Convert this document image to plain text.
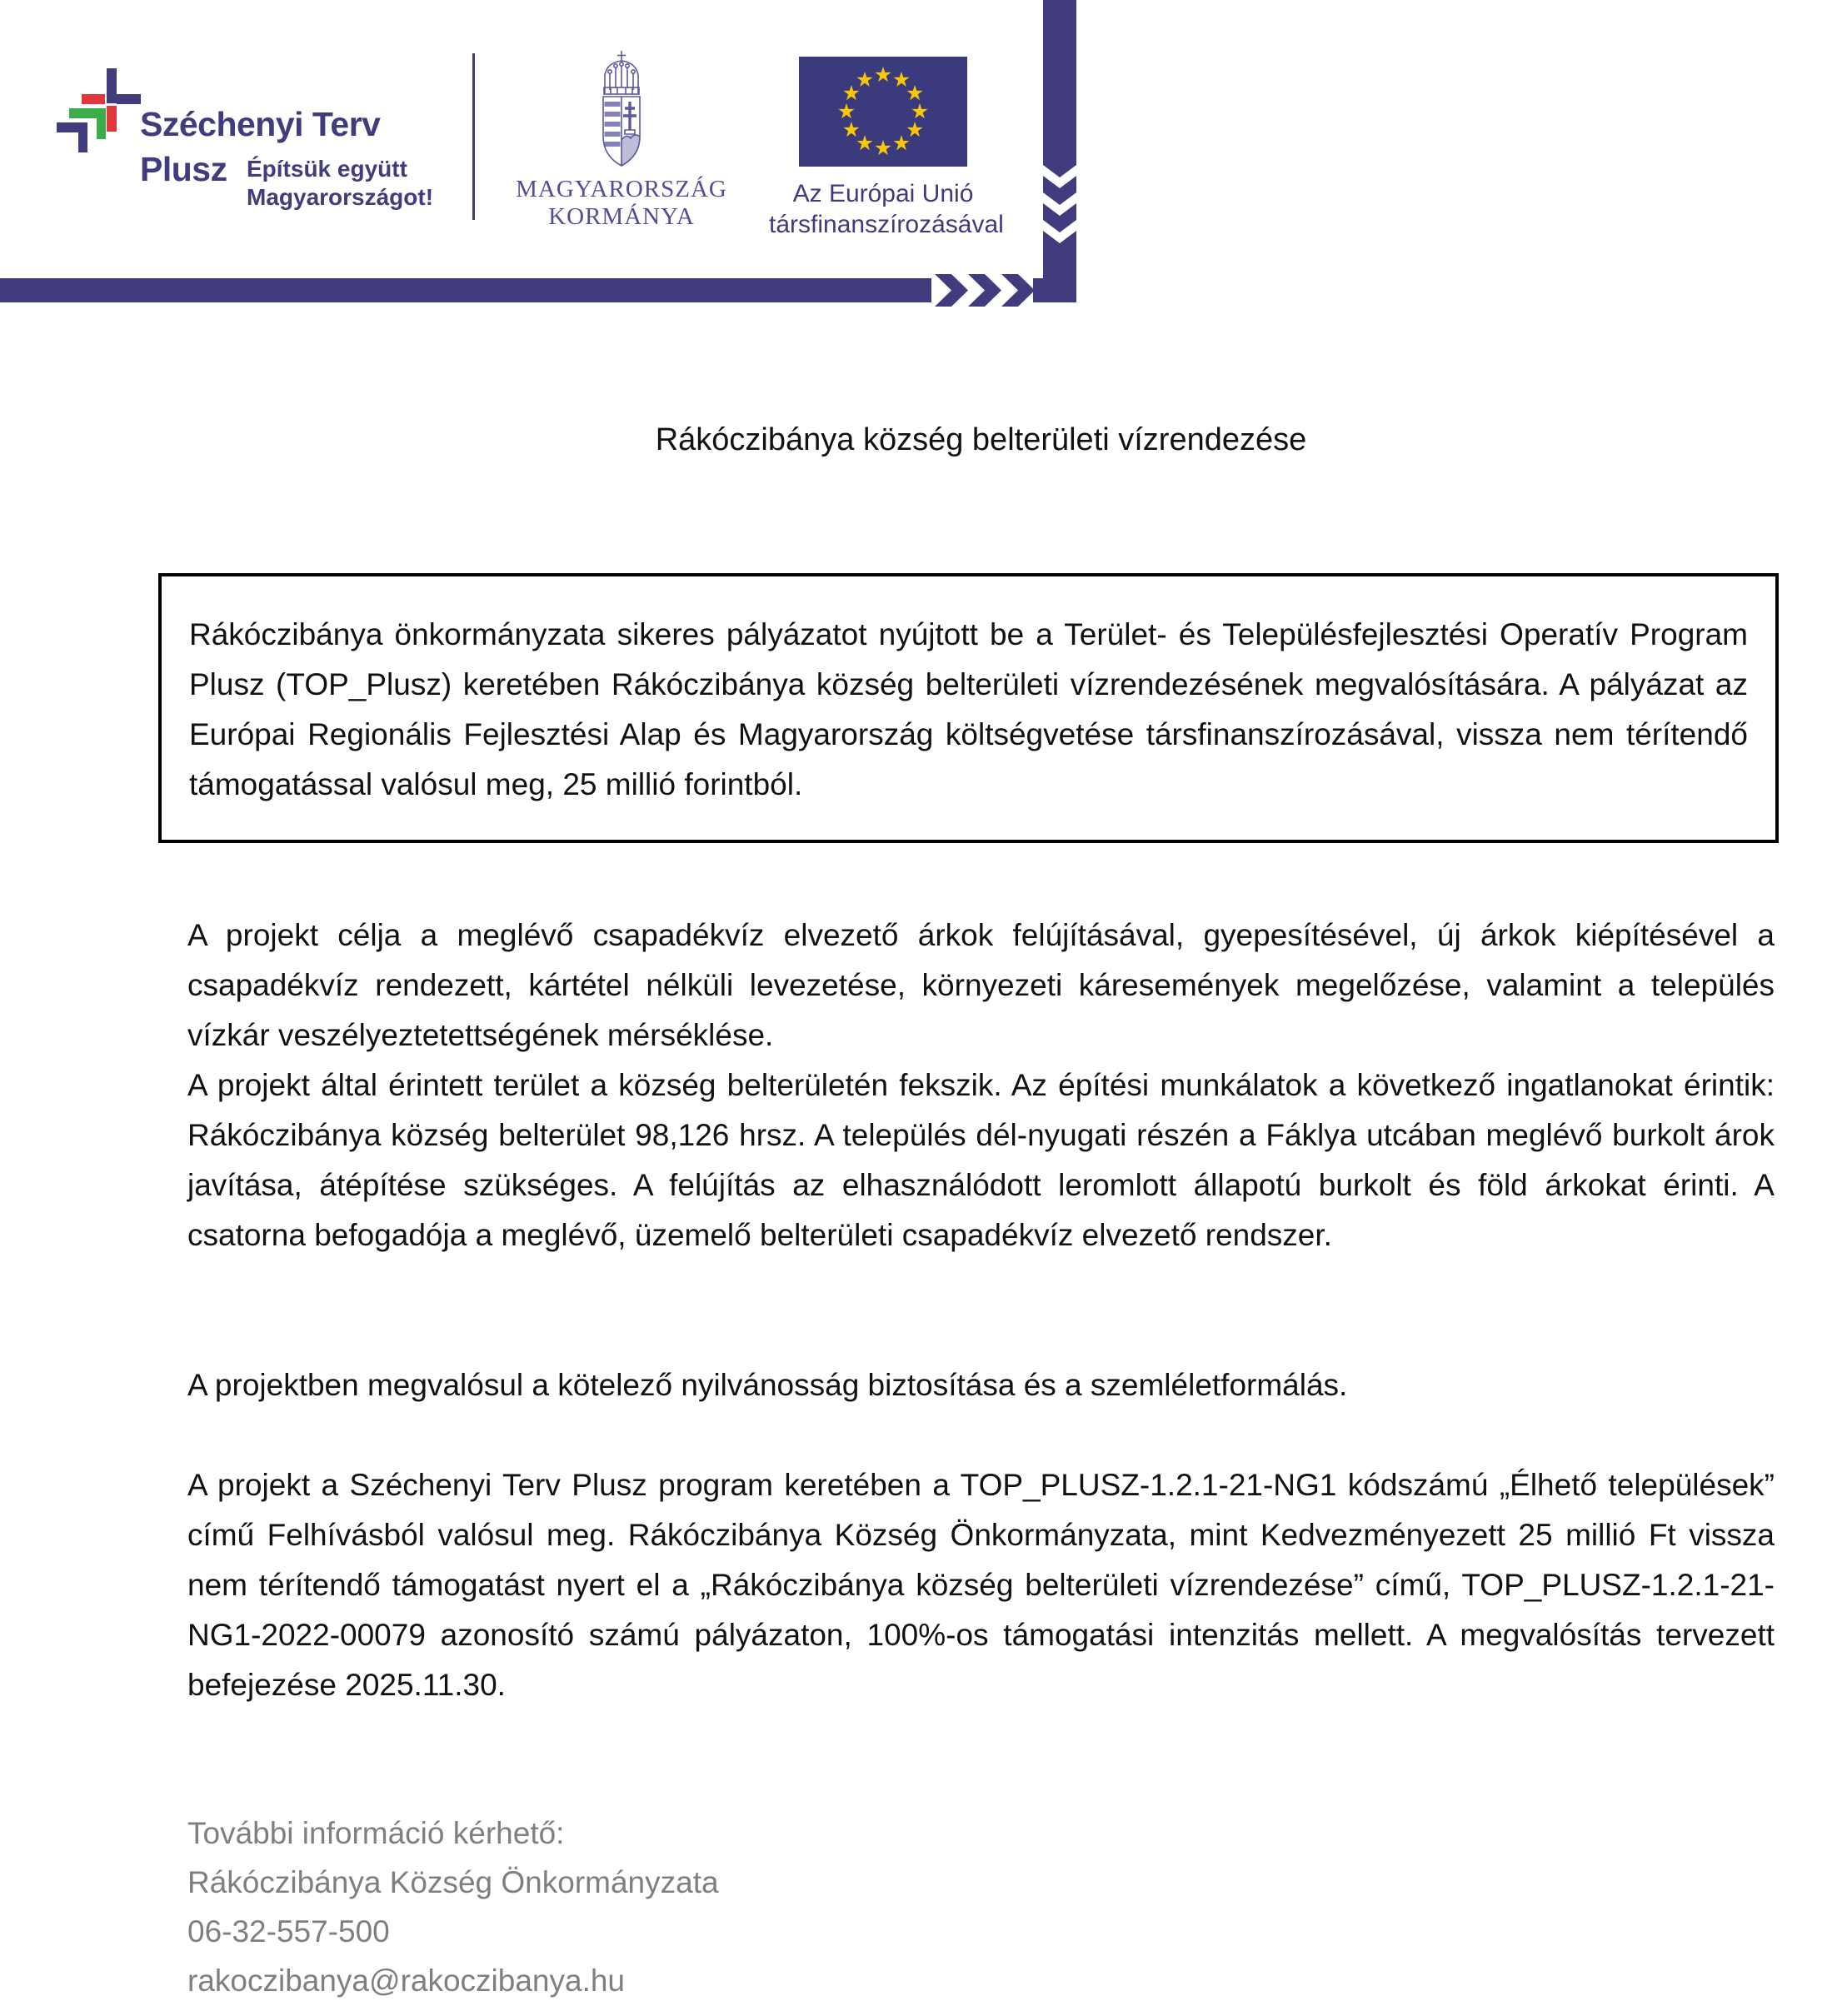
Széchenyi Terv
Plusz Építsük együtt
Magyarországot!	MAGYARORSZÁG
KORMÁNYA
Az Európai Unió
társfinanszírozásával
Rákóczibánya község belterületi vízrendezése

Rákóczibánya önkormányzata sikeres pályázatot nyújtott be a Terület- és Településfejlesztési Operatív Program Plusz (TOP_Plusz) keretében Rákóczibánya község belterületi vízrendezésének megvalósítására. A pályázat az Európai Regionális Fejlesztési Alap és Magyarország költségvetése társfinanszírozásával, vissza nem térítendő támogatással valósul meg, 25 millió forintból.

A projekt célja a meglévő csapadékvíz elvezető árkok felújításával, gyepesítésével, új árkok kiépítésével a csapadékvíz rendezett, kártétel nélküli levezetése, környezeti káresemények megelőzése, valamint a település vízkár veszélyeztetettségének mérséklése.

A projekt által érintett terület a község belterületén fekszik. Az építési munkálatok a következő ingatlanokat érintik: Rákóczibánya község belterület 98,126 hrsz. A település dél-nyugati részén a Fáklya utcában meglévő burkolt árok javítása, átépítése szükséges. A felújítás az elhasználódott leromlott állapotú burkolt és föld árkokat érinti. A csatorna befogadója a meglévő, üzemelő belterületi csapadékvíz elvezető rendszer.

A projektben megvalósul a kötelező nyilvánosság biztosítása és a szemléletformálás.

A projekt a Széchenyi Terv Plusz program keretében a TOP_PLUSZ-1.2.1-21-NG1 kódszámú „Élhető települések” című Felhívásból valósul meg. Rákóczibánya Község Önkormányzata, mint Kedvezményezett 25 millió Ft vissza nem térítendő támogatást nyert el a „Rákóczibánya község belterületi vízrendezése” című, TOP_PLUSZ-1.2.1-21-NG1-2022-00079 azonosító számú pályázaton, 100%-os támogatási intenzitás mellett. A megvalósítás tervezett befejezése 2025.11.30.

További információ kérhető:
Rákóczibánya Község Önkormányzata
06-32-557-500
rakoczibanya@rakoczibanya.hu
